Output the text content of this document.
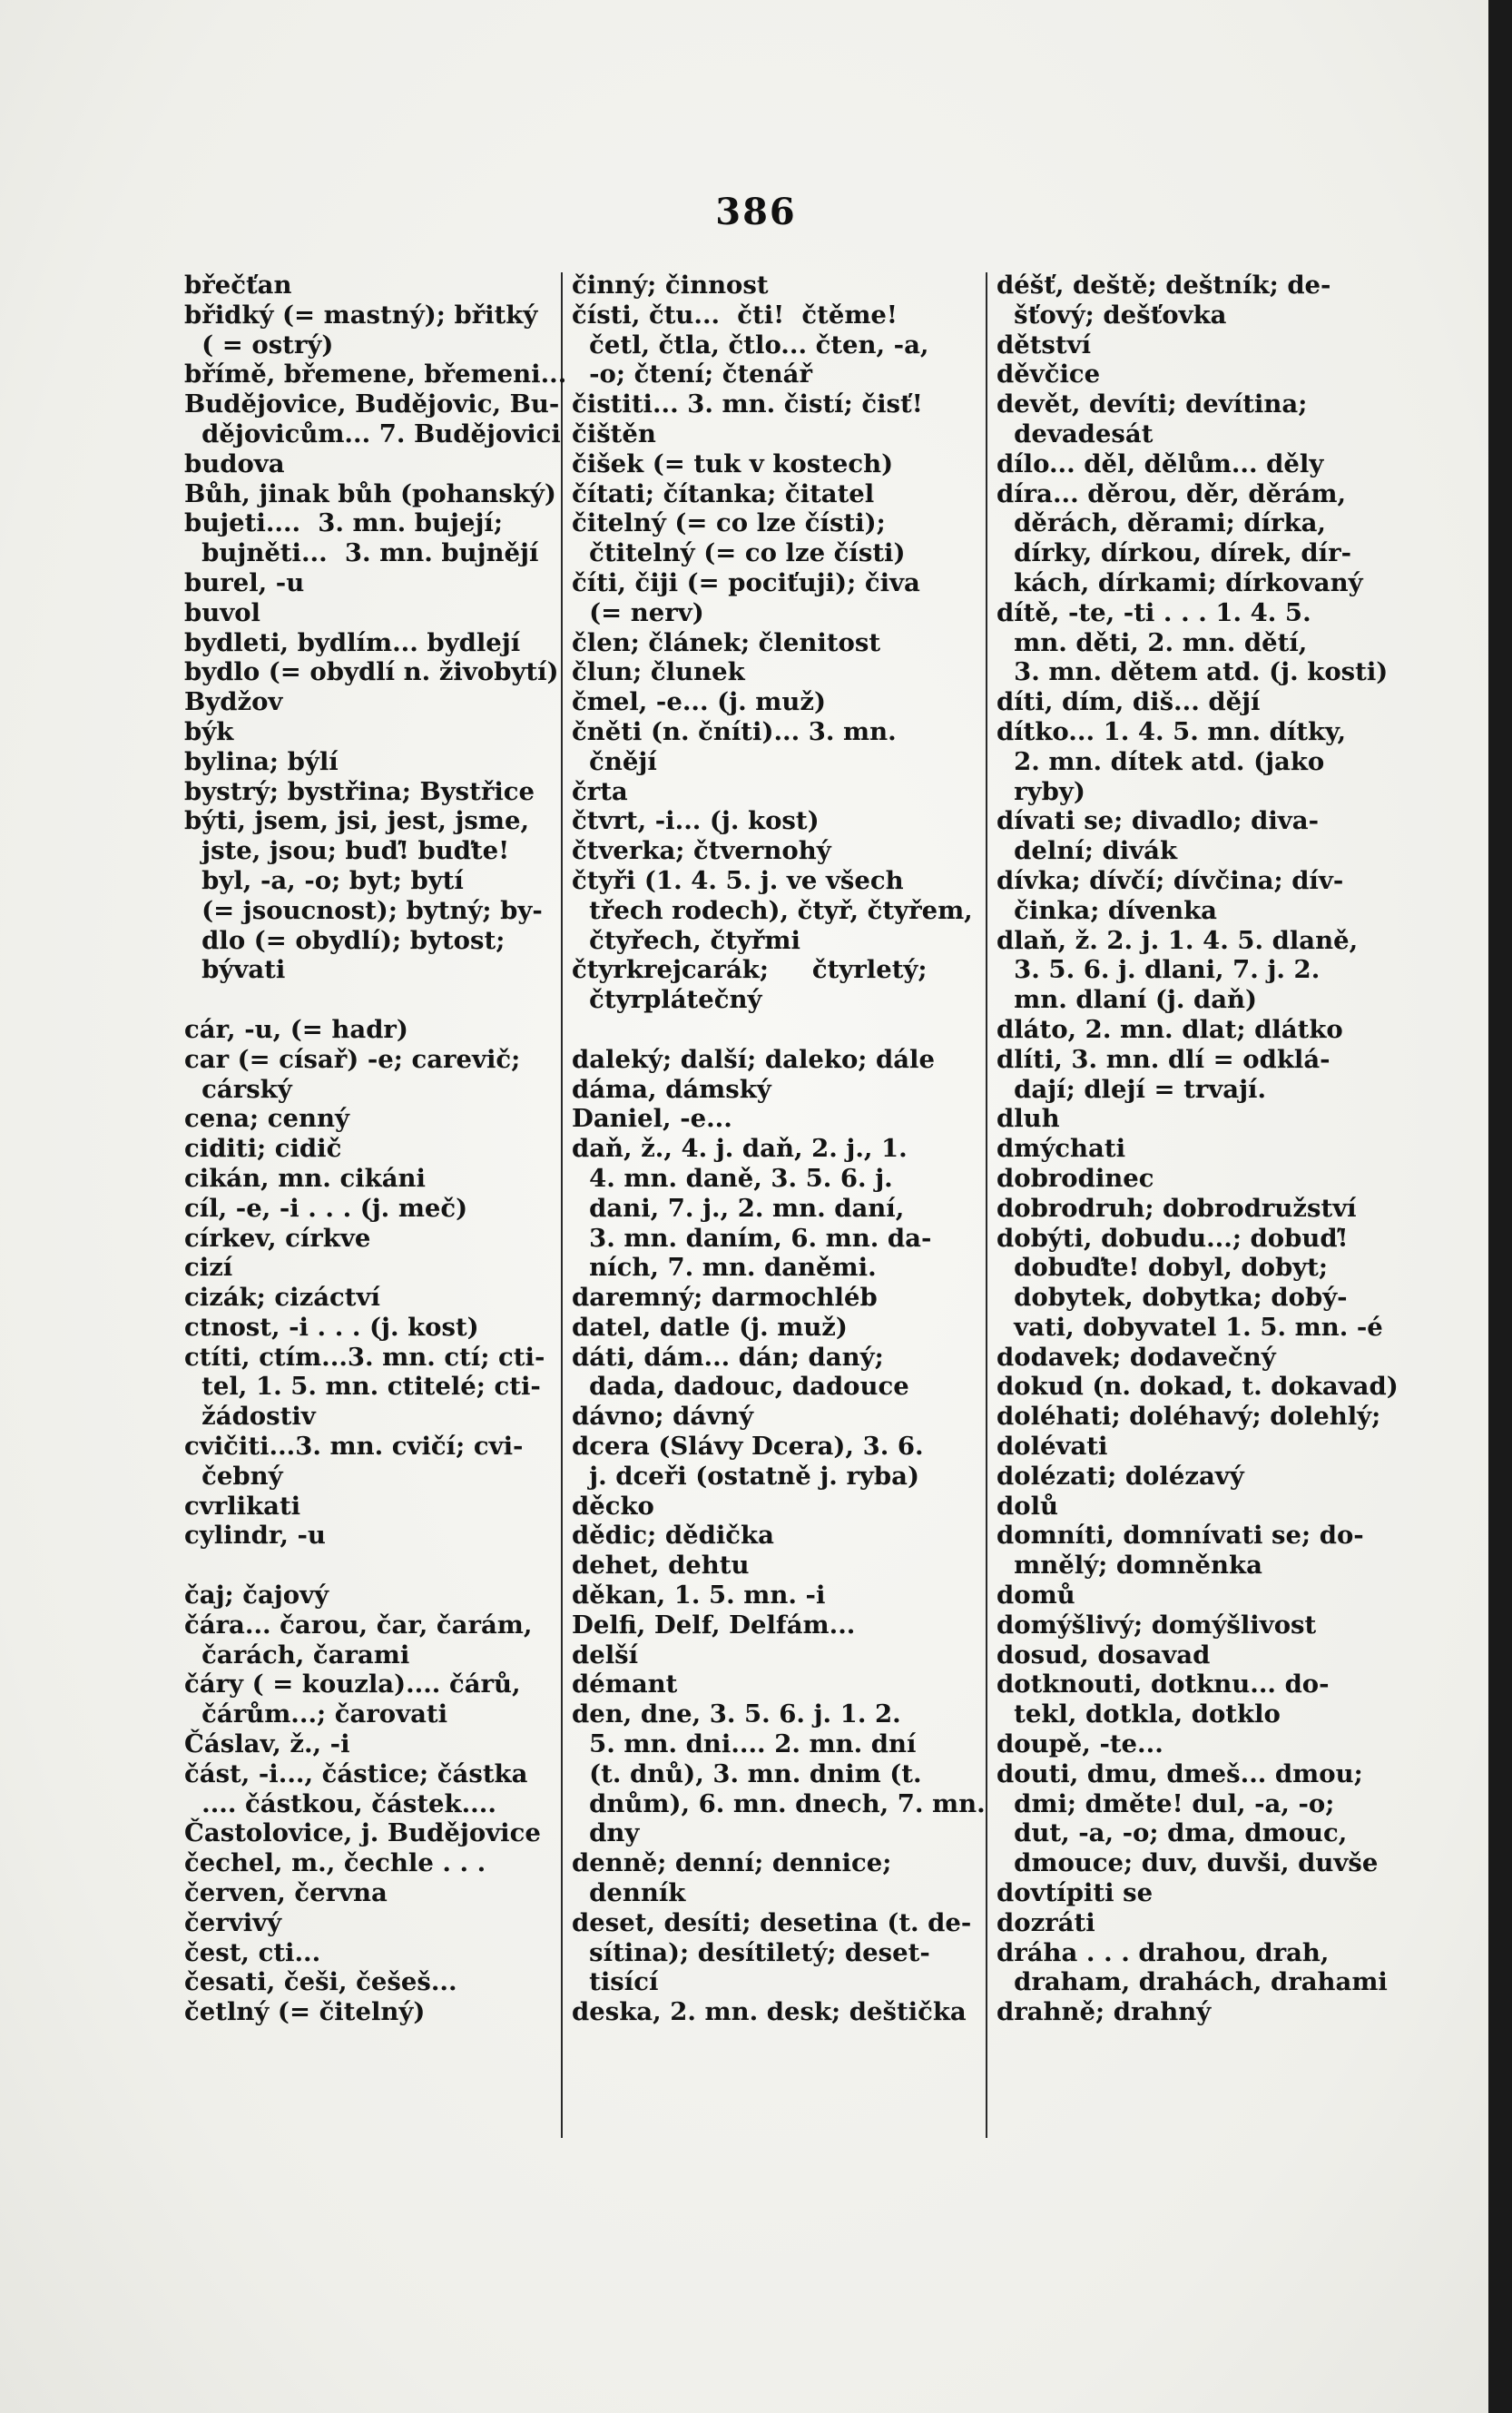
386
břečťan
břidký (= mastný); břitký
( = ostrý)
břímě, břemene, břemeni...
Budějovice, Budějovic, Bu-
dějovicům... 7. Budějovici
budova
Bůh, jinak bůh (pohanský)
bujeti....  3. mn. bujejí;
bujněti...  3. mn. bujnějí
burel, -u
buvol
bydleti, bydlím... bydlejí
bydlo (= obydlí n. živobytí)
Bydžov
býk
bylina; býlí
bystrý; bystřina; Bystřice
býti, jsem, jsi, jest, jsme,
jste, jsou; buď! buďte!
byl, -a, -o; byt; bytí
(= jsoucnost); bytný; by-
dlo (= obydlí); bytost;
bývati
cár, -u, (= hadr)
car (= císař) -e; carevič;
cárský
cena; cenný
ciditi; cidič
cikán, mn. cikáni
cíl, -e, -i . . . (j. meč)
církev, církve
cizí
cizák; cizáctví
ctnost, -i . . . (j. kost)
ctíti, ctím...3. mn. ctí; cti-
tel, 1. 5. mn. ctitelé; cti-
žádostiv
cvičiti...3. mn. cvičí; cvi-
čebný
cvrlikati
cylindr, -u
čaj; čajový
čára... čarou, čar, čarám,
čarách, čarami
čáry ( = kouzla).... čárů,
čárům...; čarovati
Čáslav, ž., -i
část, -i..., částice; částka
.... částkou, částek....
Častolovice, j. Budějovice
čechel, m., čechle . . .
červen, června
červivý
čest, cti...
česati, češi, češeš...
četlný (= čitelný)
činný; činnost
čísti, čtu...  čti!  čtěme!
četl, čtla, čtlo... čten, -a,
-o; čtení; čtenář
čistiti... 3. mn. čistí; čisť!
čištěn
čišek (= tuk v kostech)
čítati; čítanka; čitatel
čitelný (= co lze čísti);
čtitelný (= co lze čísti)
číti, čiji (= pociťuji); čiva
(= nerv)
člen; článek; členitost
člun; člunek
čmel, -e... (j. muž)
čněti (n. čníti)... 3. mn.
čnějí
črta
čtvrt, -i... (j. kost)
čtverka; čtvernohý
čtyři (1. 4. 5. j. ve všech
třech rodech), čtyř, čtyřem,
čtyřech, čtyřmi
čtyrkrejcarák;     čtyrletý;
čtyrplátečný
daleký; další; daleko; dále
dáma, dámský
Daniel, -e...
daň, ž., 4. j. daň, 2. j., 1.
4. mn. daně, 3. 5. 6. j.
dani, 7. j., 2. mn. daní,
3. mn. daním, 6. mn. da-
ních, 7. mn. daněmi.
daremný; darmochléb
datel, datle (j. muž)
dáti, dám... dán; daný;
dada, dadouc, dadouce
dávno; dávný
dcera (Slávy Dcera), 3. 6.
j. dceři (ostatně j. ryba)
děcko
dědic; dědička
dehet, dehtu
děkan, 1. 5. mn. -i
Delfi, Delf, Delfám...
delší
démant
den, dne, 3. 5. 6. j. 1. 2.
5. mn. dni.... 2. mn. dní
(t. dnů), 3. mn. dnim (t.
dnům), 6. mn. dnech, 7. mn.
dny
denně; denní; dennice;
denník
deset, desíti; desetina (t. de-
sítina); desítiletý; deset-
tisící
deska, 2. mn. desk; deštička
déšť, deště; deštník; de-
šťový; dešťovka
dětství
děvčice
devět, devíti; devítina;
devadesát
dílo... děl, dělům... děly
díra... děrou, děr, děrám,
děrách, děrami; dírka,
dírky, dírkou, dírek, dír-
kách, dírkami; dírkovaný
dítě, -te, -ti . . . 1. 4. 5.
mn. děti, 2. mn. dětí,
3. mn. dětem atd. (j. kosti)
díti, dím, diš... dějí
dítko... 1. 4. 5. mn. dítky,
2. mn. dítek atd. (jako
ryby)
dívati se; divadlo; diva-
delní; divák
dívka; dívčí; dívčina; dív-
činka; dívenka
dlaň, ž. 2. j. 1. 4. 5. dlaně,
3. 5. 6. j. dlani, 7. j. 2.
mn. dlaní (j. daň)
dláto, 2. mn. dlat; dlátko
dlíti, 3. mn. dlí = odklá-
dají; dlejí = trvají.
dluh
dmýchati
dobrodinec
dobrodruh; dobrodružství
dobýti, dobudu...; dobuď!
dobuďte! dobyl, dobyt;
dobytek, dobytka; dobý-
vati, dobyvatel 1. 5. mn. -é
dodavek; dodavečný
dokud (n. dokad, t. dokavad)
doléhati; doléhavý; dolehlý;
dolévati
dolézati; dolézavý
dolů
domníti, domnívati se; do-
mnělý; domněnka
domů
domýšlivý; domýšlivost
dosud, dosavad
dotknouti, dotknu... do-
tekl, dotkla, dotklo
doupě, -te...
douti, dmu, dmeš... dmou;
dmi; dměte! dul, -a, -o;
dut, -a, -o; dma, dmouc,
dmouce; duv, duvši, duvše
dovtípiti se
dozráti
dráha . . . drahou, drah,
draham, drahách, drahami
drahně; drahný
